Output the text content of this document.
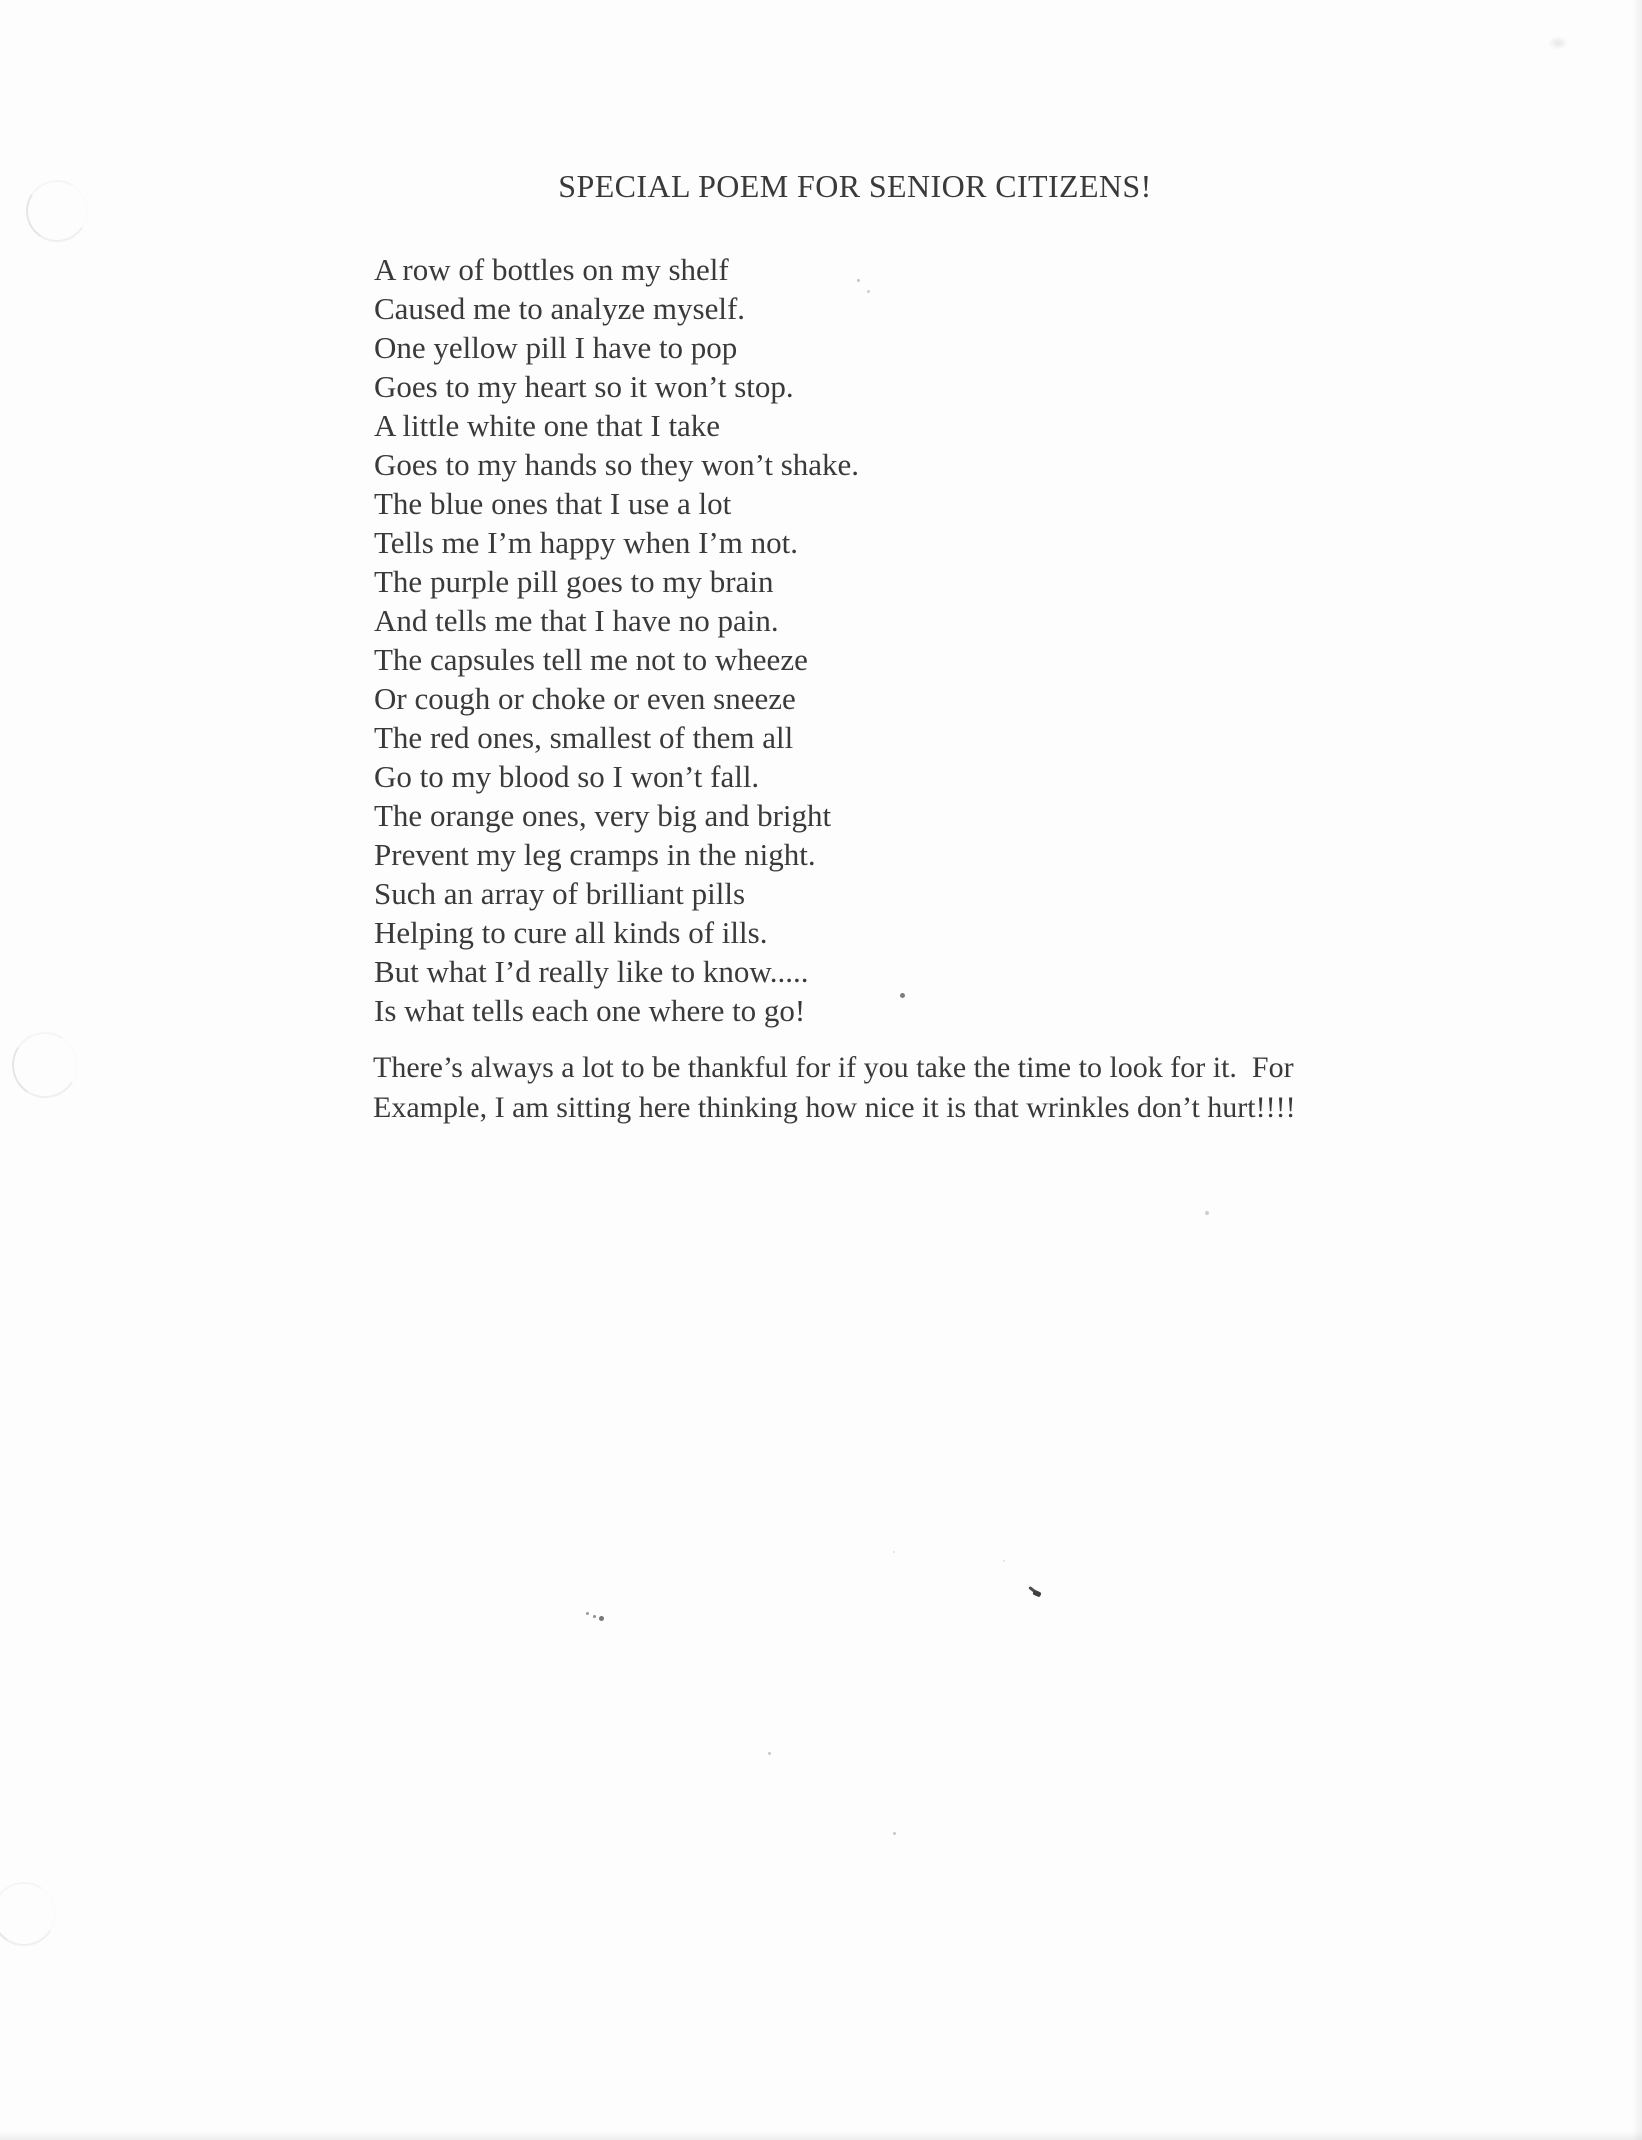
SPECIAL POEM FOR SENIOR CITIZENS!
A row of bottles on my shelf
Caused me to analyze myself.
One yellow pill I have to pop
Goes to my heart so it won’t stop.
A little white one that I take
Goes to my hands so they won’t shake.
The blue ones that I use a lot
Tells me I’m happy when I’m not.
The purple pill goes to my brain
And tells me that I have no pain.
The capsules tell me not to wheeze
Or cough or choke or even sneeze
The red ones, smallest of them all
Go to my blood so I won’t fall.
The orange ones, very big and bright
Prevent my leg cramps in the night.
Such an array of brilliant pills
Helping to cure all kinds of ills.
But what I’d really like to know.....
Is what tells each one where to go!
There’s always a lot to be thankful for if you take the time to look for it.  For
Example, I am sitting here thinking how nice it is that wrinkles don’t hurt!!!!
